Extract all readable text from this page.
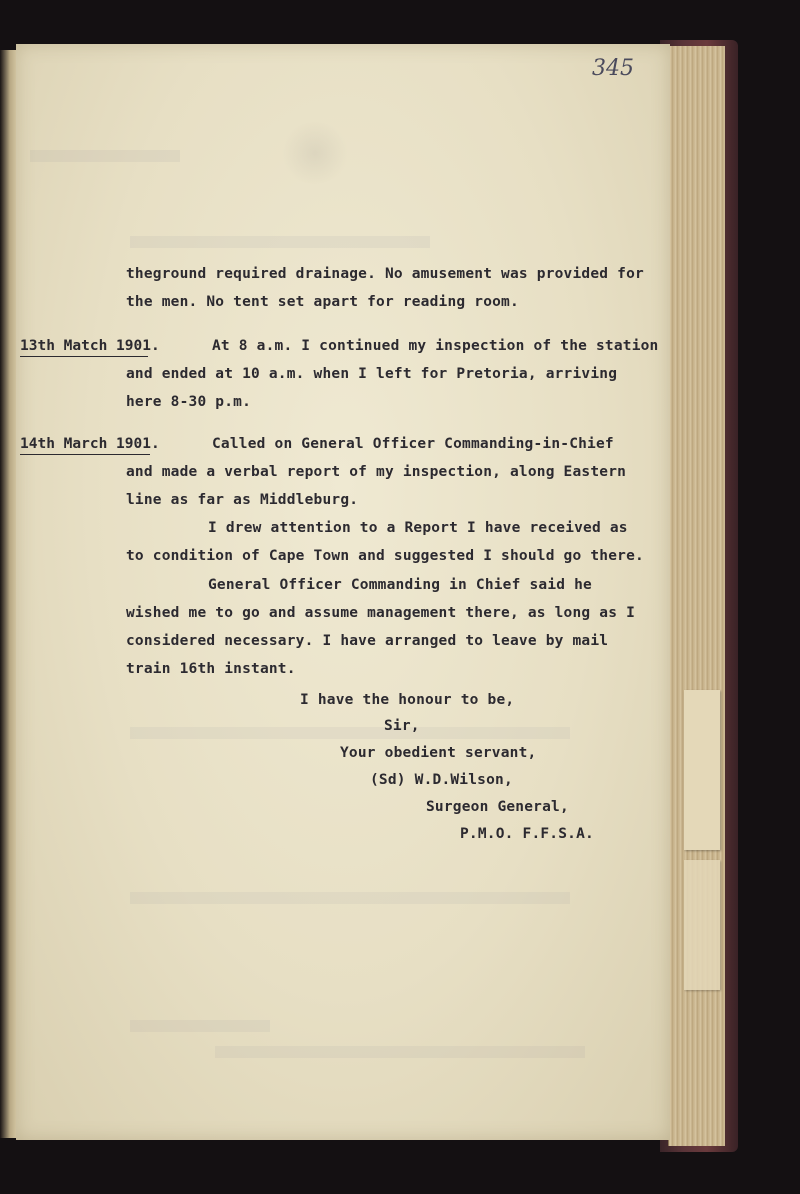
345
theground required drainage. No amusement was provided for
the men. No tent set apart for reading room.
13th Match 1901.	At 8 a.m. I continued my inspection of the station
and ended at 10 a.m. when I left for Pretoria, arriving
here 8-30 p.m.
14th March 1901.	Called on General Officer Commanding-in-Chief
and made a verbal report of my inspection, along Eastern
line as far as Middleburg.
I drew attention to a Report I have received as
to condition of Cape Town and suggested I should go there.
General Officer Commanding in Chief said he
wished me to go and assume management there, as long as I
considered necessary. I have arranged to leave by mail
train 16th instant.
I have the honour to be,
Sir,
Your obedient servant,
(Sd) W.D.Wilson,
Surgeon General,
P.M.O. F.F.S.A.
